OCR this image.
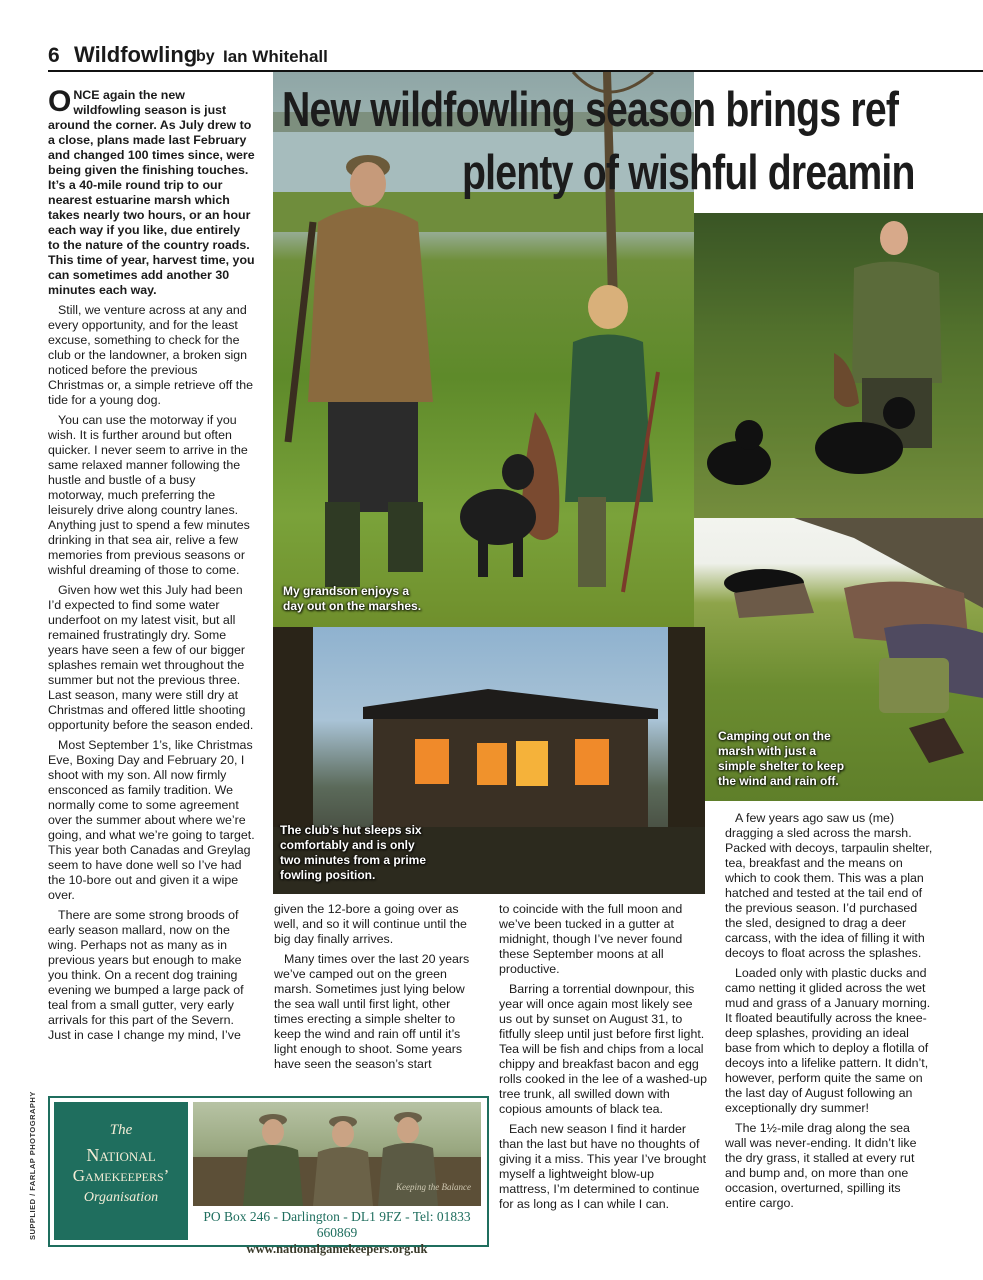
6 Wildfowling
by Ian Whitehall

ONCE again the new wildfowling season is just around the corner. As July drew to a close, plans made last February and changed 100 times since, were being given the finishing touches. It’s a 40-mile round trip to our nearest estuarine marsh which takes nearly two hours, or an hour each way if you like, due entirely to the nature of the country roads. This time of year, harvest time, you can sometimes add another 30 minutes each way.

Still, we venture across at any and every opportunity, and for the least excuse, something to check for the club or the landowner, a broken sign noticed before the previous Christmas or, a simple retrieve off the tide for a young dog.

You can use the motorway if you wish. It is further around but often quicker. I never seem to arrive in the same relaxed manner following the hustle and bustle of a busy motorway, much preferring the leisurely drive along country lanes. Anything just to spend a few minutes drinking in that sea air, relive a few memories from previous seasons or wishful dreaming of those to come.

Given how wet this July had been I’d expected to find some water underfoot on my latest visit, but all remained frustratingly dry. Some years have seen a few of our bigger splashes remain wet throughout the summer but not the previous three. Last season, many were still dry at Christmas and offered little shooting opportunity before the season ended.

Most September 1’s, like Christmas Eve, Boxing Day and February 20, I shoot with my son. All now firmly ensconced as family tradition. We normally come to some agreement over the summer about where we’re going, and what we’re going to target. This year both Canadas and Greylag seem to have done well so I’ve had the 10-bore out and given it a wipe over.

There are some strong broods of early season mallard, now on the wing. Perhaps not as many as in previous years but enough to make you think. On a recent dog training evening we bumped a large pack of teal from a small gutter, very early arrivals for this part of the Severn. Just in case I change my mind, I’ve

New wildfowling season brings ref
plenty of wishful dreamin
My grandson enjoys a day out on the marshes.
The club’s hut sleeps six comfortably and is only two minutes from a prime fowling position.
Camping out on the marsh with just a simple shelter to keep the wind and rain off.

given the 12-bore a going over as well, and so it will continue until the big day finally arrives.

Many times over the last 20 years we’ve camped out on the green marsh. Sometimes just lying below the sea wall until first light, other times erecting a simple shelter to keep the wind and rain off until it’s light enough to shoot. Some years have seen the season’s start

to coincide with the full moon and we’ve been tucked in a gutter at midnight, though I’ve never found these September moons at all productive.

Barring a torrential downpour, this year will once again most likely see us out by sunset on August 31, to fitfully sleep until just before first light. Tea will be fish and chips from a local chippy and breakfast bacon and egg rolls cooked in the lee of a washed-up tree trunk, all swilled down with copious amounts of black tea.

Each new season I find it harder than the last but have no thoughts of giving it a miss. This year I’ve brought myself a lightweight blow-up mattress, I’m determined to continue for as long as I can while I can.

A few years ago saw us (me) dragging a sled across the marsh. Packed with decoys, tarpaulin shelter, tea, breakfast and the means on which to cook them. This was a plan hatched and tested at the tail end of the previous season. I’d purchased the sled, designed to drag a deer carcass, with the idea of filling it with decoys to float across the splashes.

Loaded only with plastic ducks and camo netting it glided across the wet mud and grass of a January morning. It floated beautifully across the knee-deep splashes, providing an ideal base from which to deploy a flotilla of decoys into a lifelike pattern. It didn’t, however, perform quite the same on the last day of August following an exceptionally dry summer!

The 1½-mile drag along the sea wall was never-ending. It didn’t like the dry grass, it stalled at every rut and bump and, on more than one occasion, overturned, spilling its entire cargo.

The
National
Gamekeepers’
Organisation
Keeping the Balance
PO Box 246 - Darlington - DL1 9FZ - Tel: 01833 660869
www.nationalgamekeepers.org.uk
SUPPLIED / FARLAP PHOTOGRAPHY
